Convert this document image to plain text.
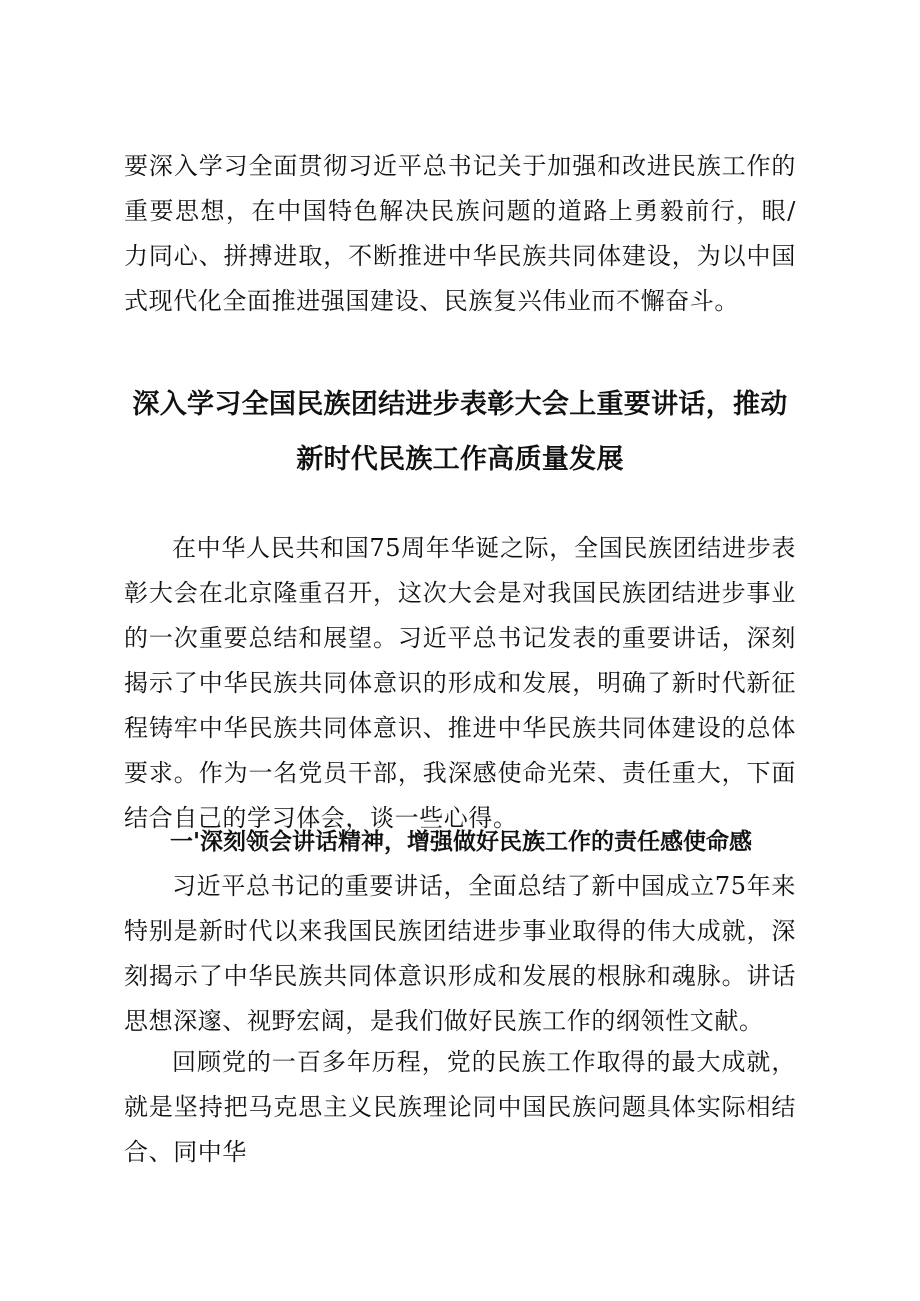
要深入学习全面贯彻习近平总书记关于加强和改进民族工作的重要思想，在中国特色解决民族问题的道路上勇毅前行，眼/力同心、拼搏进取，不断推进中华民族共同体建设，为以中国式现代化全面推进强国建设、民族复兴伟业而不懈奋斗。

深入学习全国民族团结进步表彰大会上重要讲话，推动
新时代民族工作高质量发展

在中华人民共和国75周年华诞之际，全国民族团结进步表彰大会在北京隆重召开，这次大会是对我国民族团结进步事业的一次重要总结和展望。习近平总书记发表的重要讲话，深刻揭示了中华民族共同体意识的形成和发展，明确了新时代新征程铸牢中华民族共同体意识、推进中华民族共同体建设的总体要求。作为一名党员干部，我深感使命光荣、责任重大，下面结合自己的学习体会，谈一些心得。

一'深刻领会讲话精神，增强做好民族工作的责任感使命感

习近平总书记的重要讲话，全面总结了新中国成立75年来特别是新时代以来我国民族团结进步事业取得的伟大成就，深刻揭示了中华民族共同体意识形成和发展的根脉和魂脉。讲话思想深邃、视野宏阔，是我们做好民族工作的纲领性文献。

回顾党的一百多年历程，党的民族工作取得的最大成就，就是坚持把马克思主义民族理论同中国民族问题具体实际相结合、同中华
